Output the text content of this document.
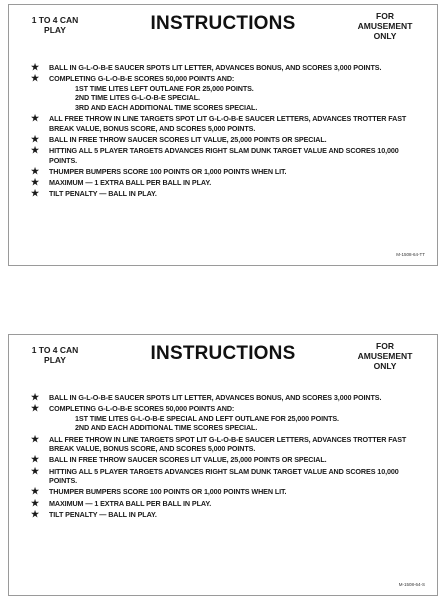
1 TO 4 CAN PLAY	INSTRUCTIONS	FOR AMUSEMENT ONLY
★ BALL IN G-L-O-B-E SAUCER SPOTS LIT LETTER, ADVANCES BONUS, AND SCORES 3,000 POINTS.
★ COMPLETING G-L-O-B-E SCORES 50,000 POINTS AND:
1ST TIME LITES LEFT OUTLANE FOR 25,000 POINTS.
2ND TIME LITES G-L-O-B-E SPECIAL.
3RD AND EACH ADDITIONAL TIME SCORES SPECIAL.
★ ALL FREE THROW IN LINE TARGETS SPOT LIT G-L-O-B-E SAUCER LETTERS, ADVANCES TROTTER FAST BREAK VALUE, BONUS SCORE, AND SCORES 5,000 POINTS.
★ BALL IN FREE THROW SAUCER SCORES LIT VALUE, 25,000 POINTS OR SPECIAL.
★ HITTING ALL 5 PLAYER TARGETS ADVANCES RIGHT SLAM DUNK TARGET VALUE AND SCORES 10,000 POINTS.
★ THUMPER BUMPERS SCORE 100 POINTS OR 1,000 POINTS WHEN LIT.
★ MAXIMUM — 1 EXTRA BALL PER BALL IN PLAY.
★ TILT PENALTY — BALL IN PLAY.
M-1508-64-TT
1 TO 4 CAN PLAY	INSTRUCTIONS	FOR AMUSEMENT ONLY
★ BALL IN G-L-O-B-E SAUCER SPOTS LIT LETTER, ADVANCES BONUS, AND SCORES 3,000 POINTS.
★ COMPLETING G-L-O-B-E SCORES 50,000 POINTS AND:
1ST TIME LITES G-L-O-B-E SPECIAL AND LEFT OUTLANE FOR 25,000 POINTS.
2ND AND EACH ADDITIONAL TIME SCORES SPECIAL.
★ ALL FREE THROW IN LINE TARGETS SPOT LIT G-L-O-B-E SAUCER LETTERS, ADVANCES TROTTER FAST BREAK VALUE, BONUS SCORE, AND SCORES 5,000 POINTS.
★ BALL IN FREE THROW SAUCER SCORES LIT VALUE, 25,000 POINTS OR SPECIAL.
★ HITTING ALL 5 PLAYER TARGETS ADVANCES RIGHT SLAM DUNK TARGET VALUE AND SCORES 10,000 POINTS.
★ THUMPER BUMPERS SCORE 100 POINTS OR 1,000 POINTS WHEN LIT.
★ MAXIMUM — 1 EXTRA BALL PER BALL IN PLAY.
★ TILT PENALTY — BALL IN PLAY.
M-1508-64-S
